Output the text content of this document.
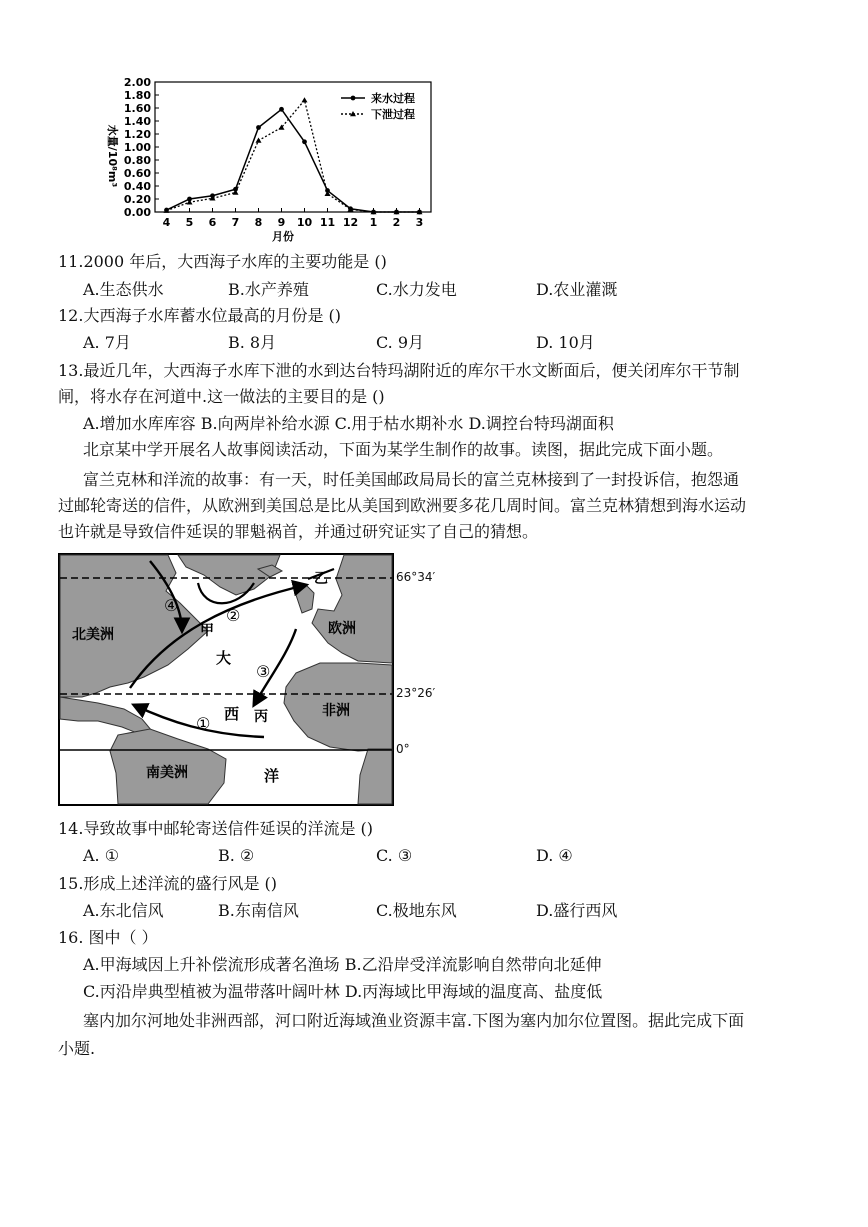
0.00
0.20
0.40
0.60
0.80
1.00
1.20
1.40
1.60
1.80
2.00
4 5 6 7 8 9 10 11 12 1 2 3
月份
水量/10⁸m³
来水过程
下泄过程
11.2000 年后，大西海子水库的主要功能是 ()
A.生态供水	B.水产养殖	C.水力发电	D.农业灌溉
12.大西海子水库蓄水位最高的月份是 ()
A. 7月	B. 8月	C. 9月	D. 10月
13.最近几年，大西海子水库下泄的水到达台特玛湖附近的库尔干水文断面后，便关闭库尔干节制
闸，将水存在河道中.这一做法的主要目的是 ()
A.增加水库库容 B.向两岸补给水源 C.用于枯水期补水 D.调控台特玛湖面积
北京某中学开展名人故事阅读活动，下面为某学生制作的故事。读图，据此完成下面小题。
富兰克林和洋流的故事：有一天，时任美国邮政局局长的富兰克林接到了一封投诉信，抱怨通
过邮轮寄送的信件，从欧洲到美国总是比从美国到欧洲要多花几周时间。富兰克林猜想到海水运动
也许就是导致信件延误的罪魁祸首，并通过研究证实了自己的猜想。
北美洲	欧洲
非洲
南美洲
大
西
洋
甲
乙
丙
①
②
③
④
66°34′
23°26′
0°
14.导致故事中邮轮寄送信件延误的洋流是 ()
A. ①	B. ②	C. ③	D. ④
15.形成上述洋流的盛行风是 ()
A.东北信风	B.东南信风	C.极地东风	D.盛行西风
16. 图中（ ）
A.甲海域因上升补偿流形成著名渔场 B.乙沿岸受洋流影响自然带向北延伸
C.丙沿岸典型植被为温带落叶阔叶林 D.丙海域比甲海域的温度高、盐度低
塞内加尔河地处非洲西部，河口附近海域渔业资源丰富.下图为塞内加尔位置图。据此完成下面
小题.
